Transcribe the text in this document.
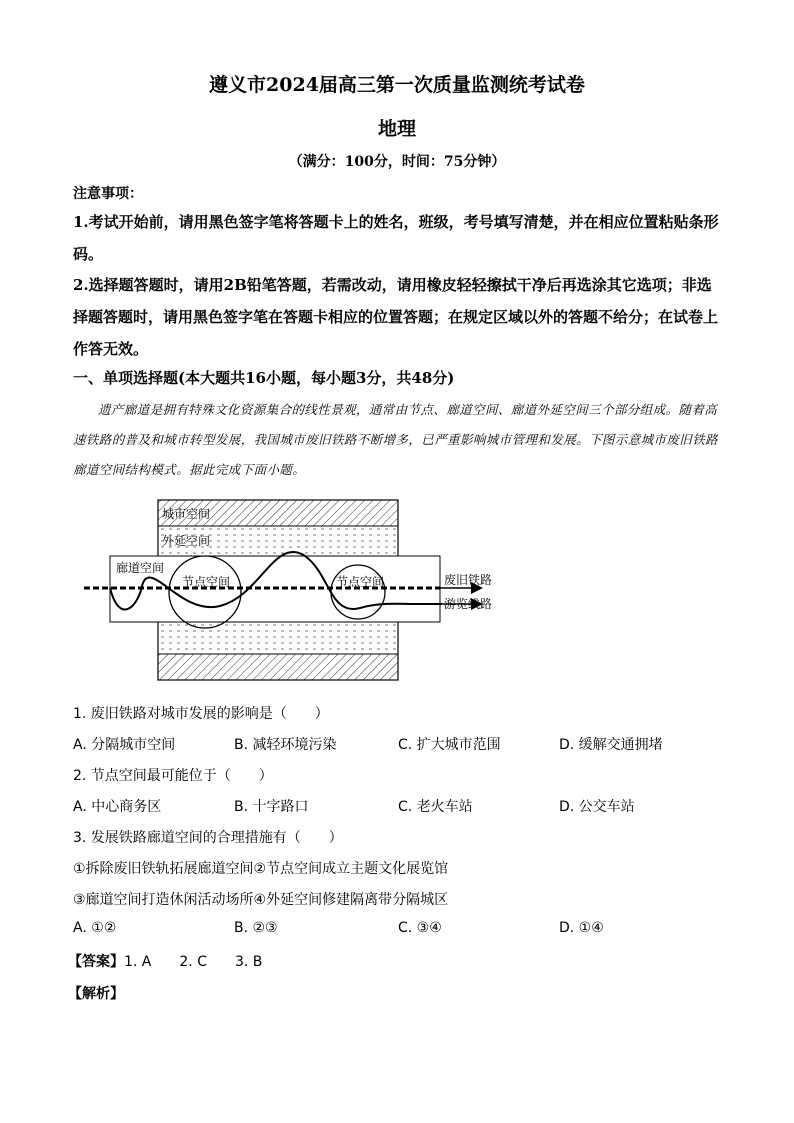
遵义市2024届高三第一次质量监测统考试卷
地理
（满分：100分，时间：75分钟）
注意事项：
1.考试开始前，请用黑色签字笔将答题卡上的姓名，班级，考号填写清楚，并在相应位置粘贴条形码。
2.选择题答题时，请用2B铅笔答题，若需改动，请用橡皮轻轻擦拭干净后再选涂其它选项；非选择题答题时，请用黑色签字笔在答题卡相应的位置答题；在规定区域以外的答题不给分；在试卷上作答无效。
一、单项选择题(本大题共16小题，每小题3分，共48分)
遗产廊道是拥有特殊文化资源集合的线性景观，通常由节点、廊道空间、廊道外延空间三个部分组成。随着高速铁路的普及和城市转型发展，我国城市废旧铁路不断增多，已严重影响城市管理和发展。下图示意城市废旧铁路廊道空间结构模式。据此完成下面小题。
城市空间
外延空间
廊道空间
节点空间	节点空间	废旧铁路
游览线路
1. 废旧铁路对城市发展的影响是（　　）
A. 分隔城市空间	B. 减轻环境污染	C. 扩大城市范围	D. 缓解交通拥堵
2. 节点空间最可能位于（　　）
A. 中心商务区	B. 十字路口	C. 老火车站	D. 公交车站
3. 发展铁路廊道空间的合理措施有（　　）
①拆除废旧铁轨拓展廊道空间②节点空间成立主题文化展览馆
③廊道空间打造休闲活动场所④外延空间修建隔离带分隔城区
A. ①②	B. ②③	C. ③④	D. ①④
【答案】1. A　　2. C　　3. B
【解析】
